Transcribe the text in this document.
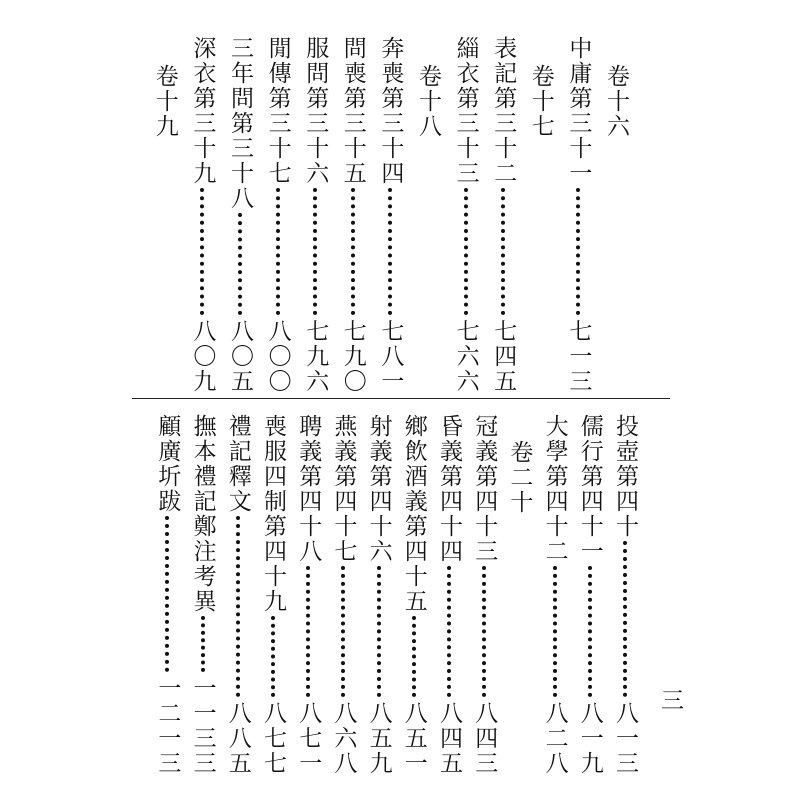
卷十六
中庸第三十一
七一三
卷十七
表記第三十二
七四五
緇衣第三十三
七六六
卷十八
奔喪第三十四
七八一
問喪第三十五
七九〇
服問第三十六
七九六
閒傳第三十七
八〇〇
三年問第三十八
八〇五
深衣第三十九
八〇九
卷十九
投壺第四十
八一三
儒行第四十一
八一九
大學第四十二
八二八
卷二十
冠義第四十三
八四三
昏義第四十四
八四五
鄉飲酒義第四十五
八五一
射義第四十六
八五九
燕義第四十七
八六八
聘義第四十八
八七一
喪服四制第四十九
八七七
禮記釋文
八八五
撫本禮記鄭注考異
一一三三
顧廣圻跋
一二一三	三
